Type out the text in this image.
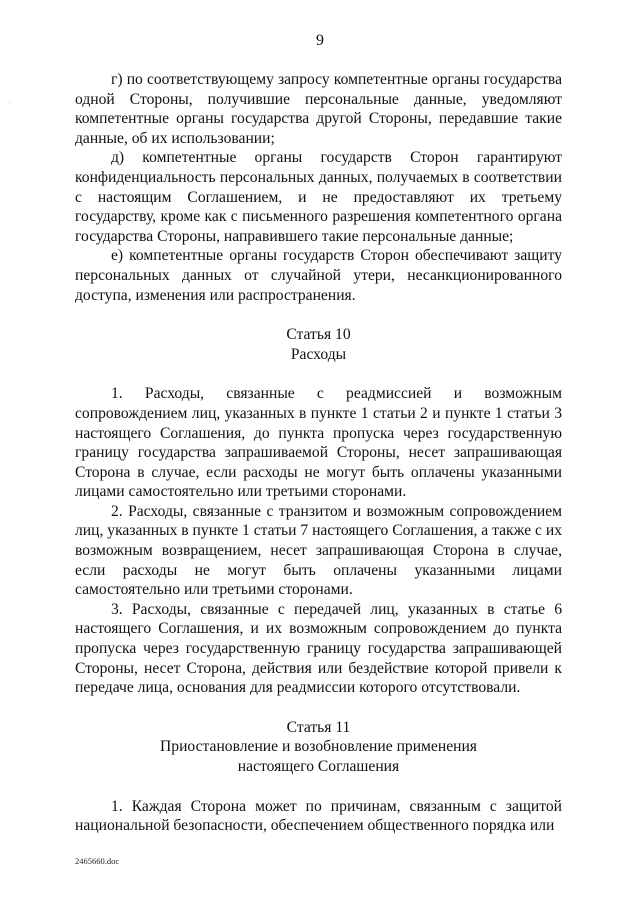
9
ˈ

г) по соответствующему запросу компетентные органы государства одной Стороны, получившие персональные данные, уведомляют компетентные органы государства другой Стороны, передавшие такие данные, об их использовании;

д) компетентные органы государств Сторон гарантируют конфиденциальность персональных данных, получаемых в соответствии с настоящим Соглашением, и не предоставляют их третьему государству, кроме как с письменного разрешения компетентного органа государства Стороны, направившего такие персональные данные;

е) компетентные органы государств Сторон обеспечивают защиту персональных данных от случайной утери, несанкционированного доступа, изменения или распространения.

Статья 10

Расходы

1. Расходы, связанные с реадмиссией и возможным сопровождением лиц, указанных в пункте 1 статьи 2 и пункте 1 статьи 3 настоящего Соглашения, до пункта пропуска через государственную границу государства запрашиваемой Стороны, несет запрашивающая Сторона в случае, если расходы не могут быть оплачены указанными лицами самостоятельно или третьими сторонами.

2. Расходы, связанные с транзитом и возможным сопровождением лиц, указанных в пункте 1 статьи 7 настоящего Соглашения, а также с их возможным возвращением, несет запрашивающая Сторона в случае, если расходы не могут быть оплачены указанными лицами самостоятельно или третьими сторонами.

3. Расходы, связанные с передачей лиц, указанных в статье 6 настоящего Соглашения, и их возможным сопровождением до пункта пропуска через государственную границу государства запрашивающей Стороны, несет Сторона, действия или бездействие которой привели к передаче лица, основания для реадмиссии которого отсутствовали.

Статья 11

Приостановление и возобновление применения

настоящего Соглашения

1. Каждая Сторона может по причинам, связанным с защитой национальной безопасности, обеспечением общественного порядка или

2465660.doc
